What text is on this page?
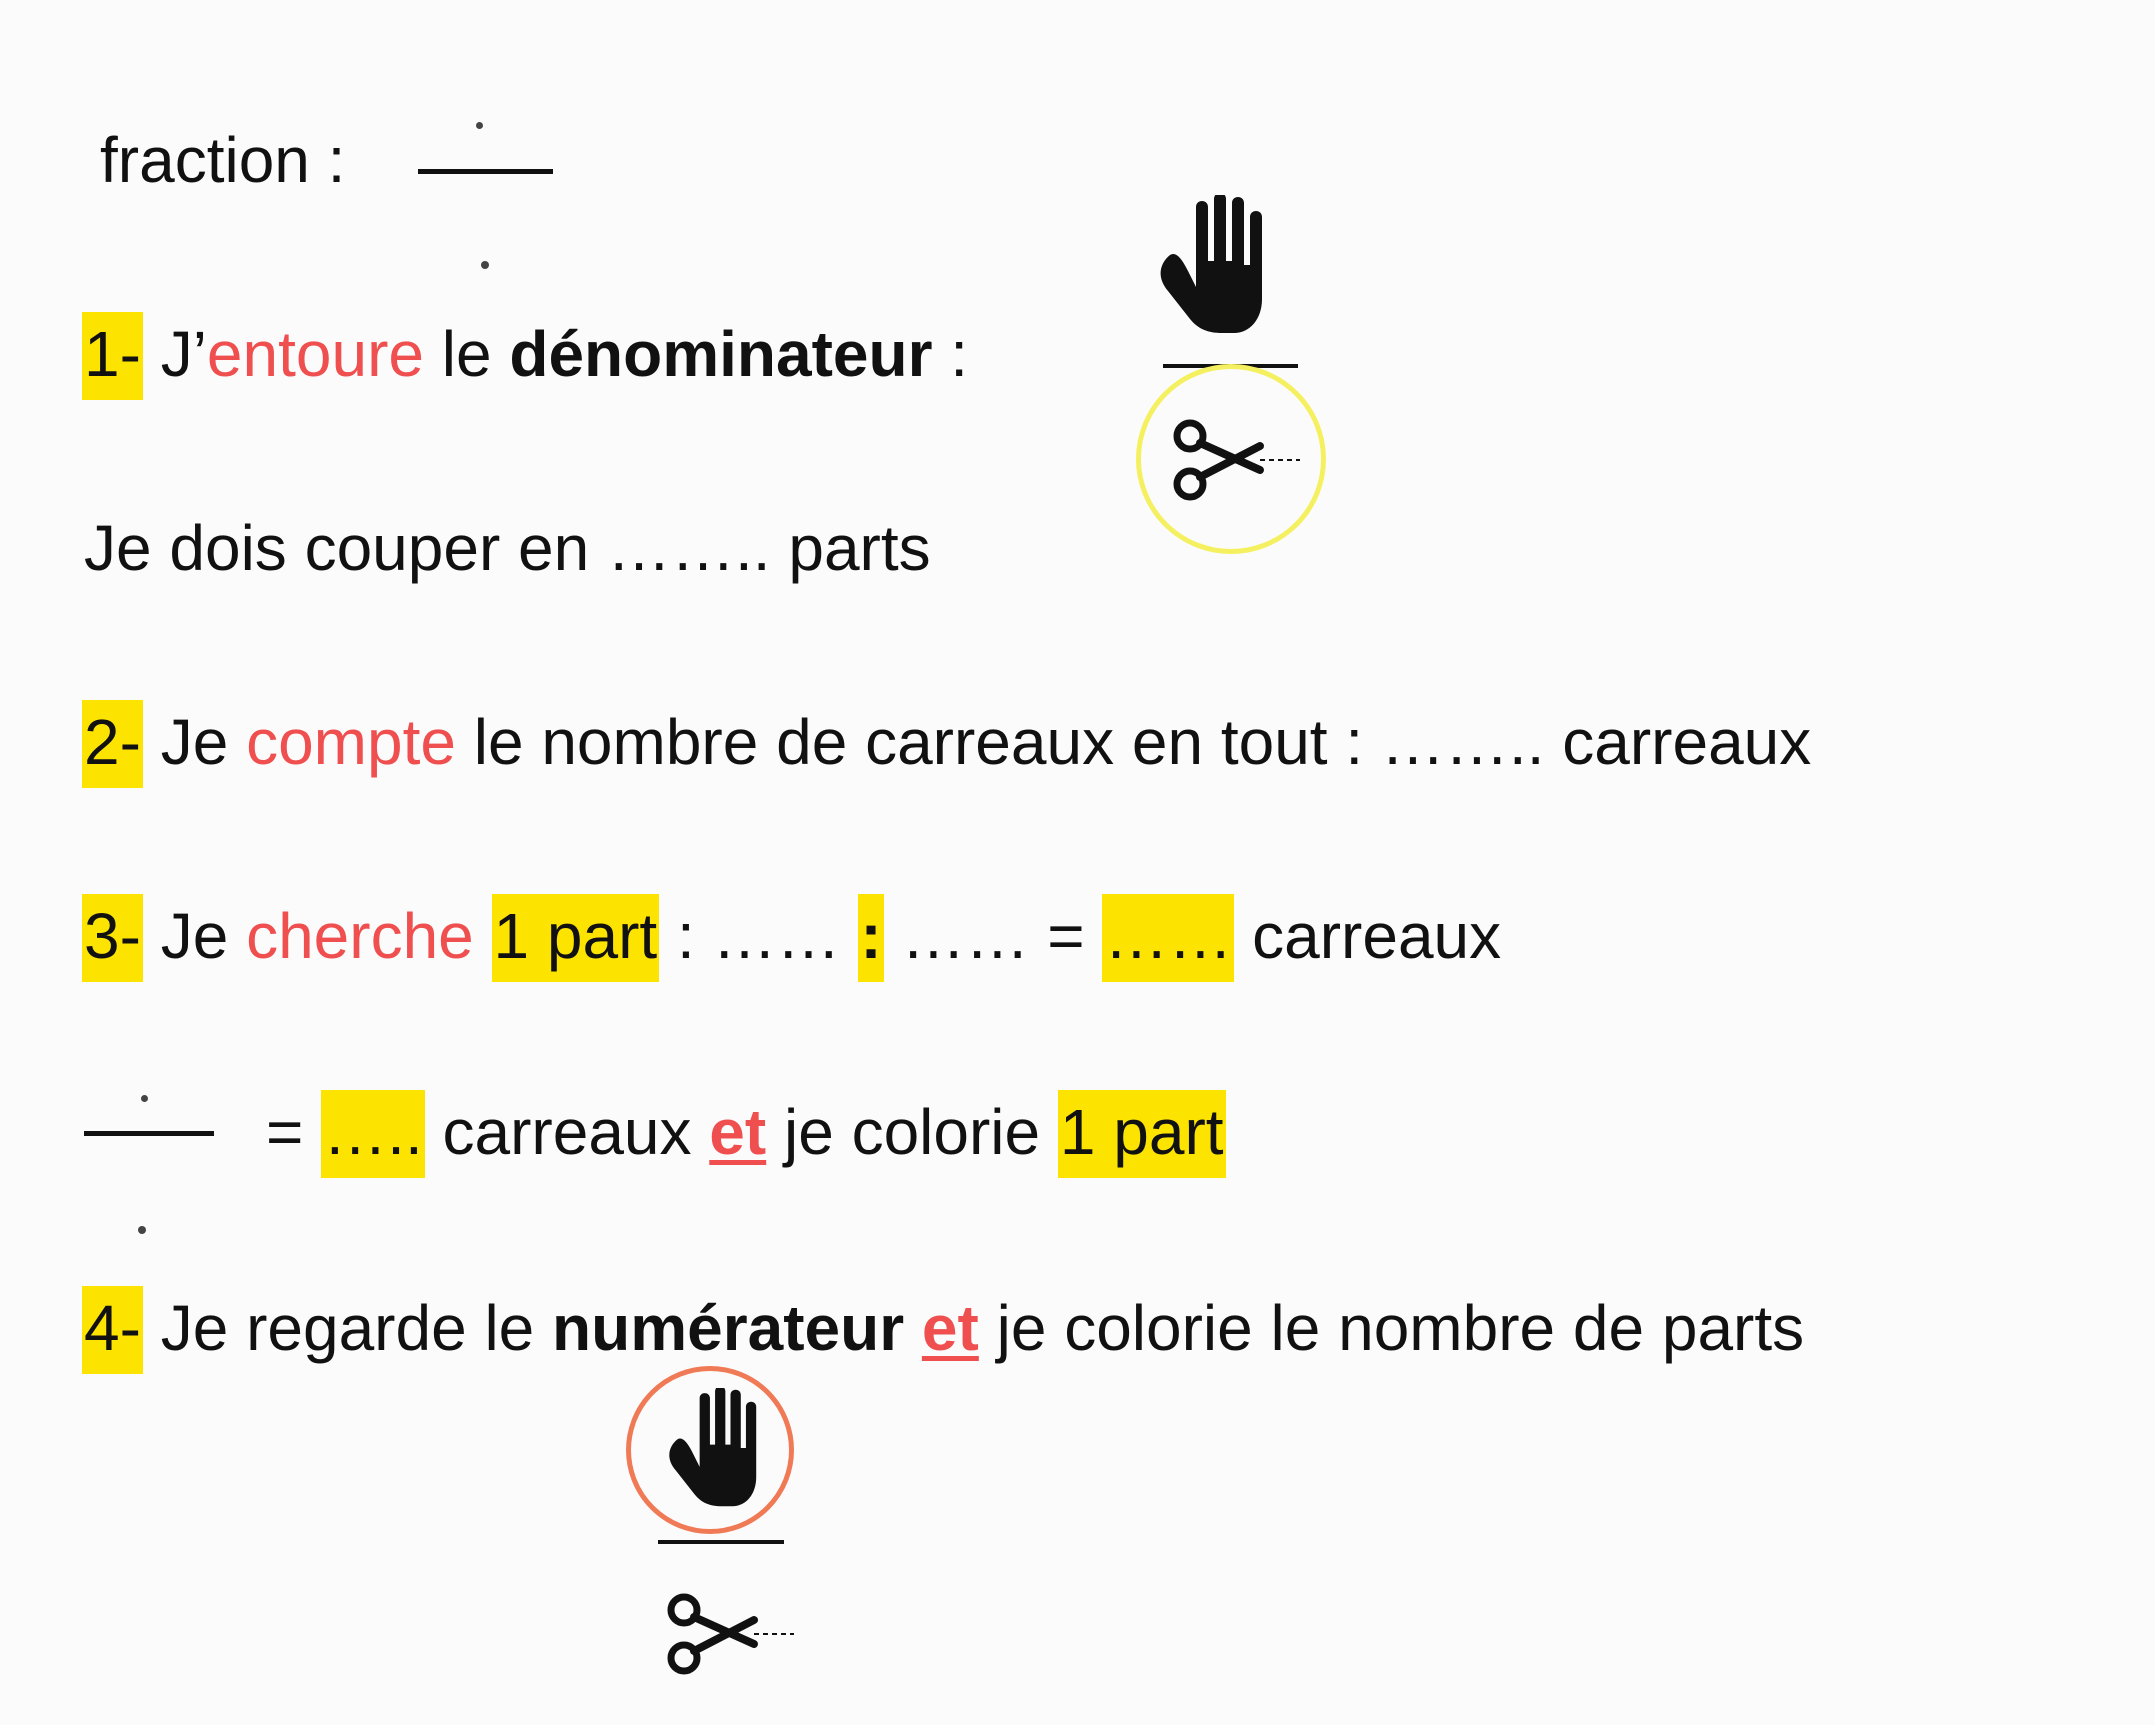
fraction :
1- J’entoure le dénominateur :
Je dois couper en …….. parts
2- Je compte le nombre de carreaux en tout : …….. carreaux
3- Je cherche 1 part : …… : …… = …… carreaux
= ….. carreaux et je colorie 1 part
4- Je regarde le numérateur et je colorie le nombre de parts
